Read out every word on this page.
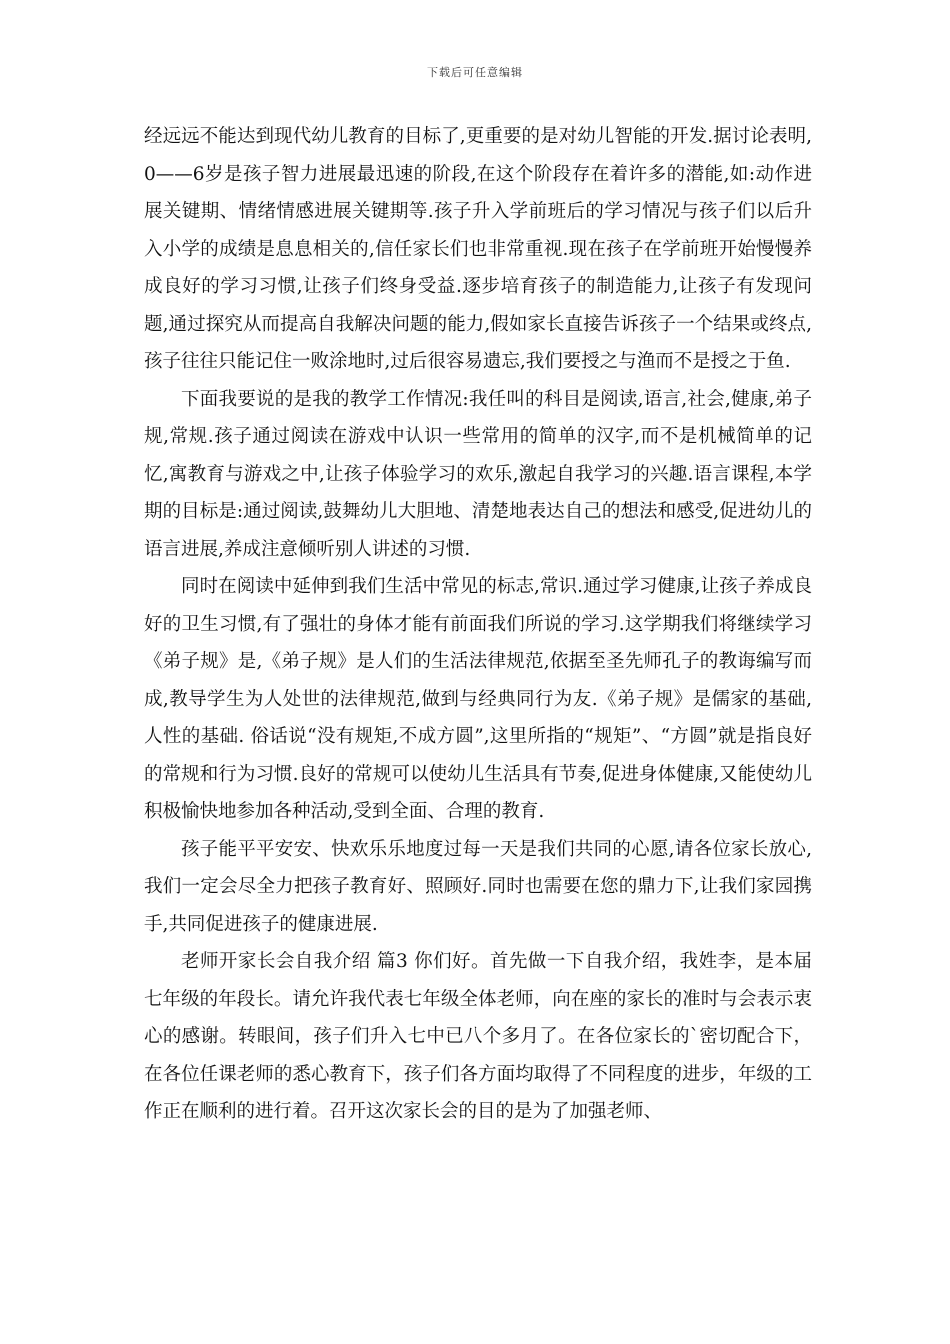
下载后可任意编辑

经远远不能达到现代幼儿教育的目标了,更重要的是对幼儿智能的开发.据讨论表明,0——6岁是孩子智力进展最迅速的阶段,在这个阶段存在着许多的潜能,如:动作进展关键期、情绪情感进展关键期等.孩子升入学前班后的学习情况与孩子们以后升入小学的成绩是息息相关的,信任家长们也非常重视.现在孩子在学前班开始慢慢养成良好的学习习惯,让孩子们终身受益.逐步培育孩子的制造能力,让孩子有发现问题,通过探究从而提高自我解决问题的能力,假如家长直接告诉孩子一个结果或终点,孩子往往只能记住一败涂地时,过后很容易遗忘,我们要授之与渔而不是授之于鱼.

下面我要说的是我的教学工作情况:我任叫的科目是阅读,语言,社会,健康,弟子规,常规.孩子通过阅读在游戏中认识一些常用的简单的汉字,而不是机械简单的记忆,寓教育与游戏之中,让孩子体验学习的欢乐,激起自我学习的兴趣.语言课程,本学期的目标是:通过阅读,鼓舞幼儿大胆地、清楚地表达自己的想法和感受,促进幼儿的语言进展,养成注意倾听别人讲述的习惯.

同时在阅读中延伸到我们生活中常见的标志,常识.通过学习健康,让孩子养成良好的卫生习惯,有了强壮的身体才能有前面我们所说的学习.这学期我们将继续学习《弟子规》是,《弟子规》是人们的生活法律规范,依据至圣先师孔子的教诲编写而成,教导学生为人处世的法律规范,做到与经典同行为友.《弟子规》是儒家的基础,人性的基础. 俗话说“没有规矩,不成方圆”,这里所指的“规矩”、“方圆”就是指良好的常规和行为习惯.良好的常规可以使幼儿生活具有节奏,促进身体健康,又能使幼儿积极愉快地参加各种活动,受到全面、合理的教育.

孩子能平平安安、快欢乐乐地度过每一天是我们共同的心愿,请各位家长放心,我们一定会尽全力把孩子教育好、照顾好.同时也需要在您的鼎力下,让我们家园携手,共同促进孩子的健康进展.

老师开家长会自我介绍 篇3 你们好。首先做一下自我介绍，我姓李，是本届七年级的年段长。请允许我代表七年级全体老师，向在座的家长的准时与会表示衷心的感谢。转眼间，孩子们升入七中已八个多月了。在各位家长的`密切配合下，在各位任课老师的悉心教育下，孩子们各方面均取得了不同程度的进步，年级的工作正在顺利的进行着。召开这次家长会的目的是为了加强老师、
